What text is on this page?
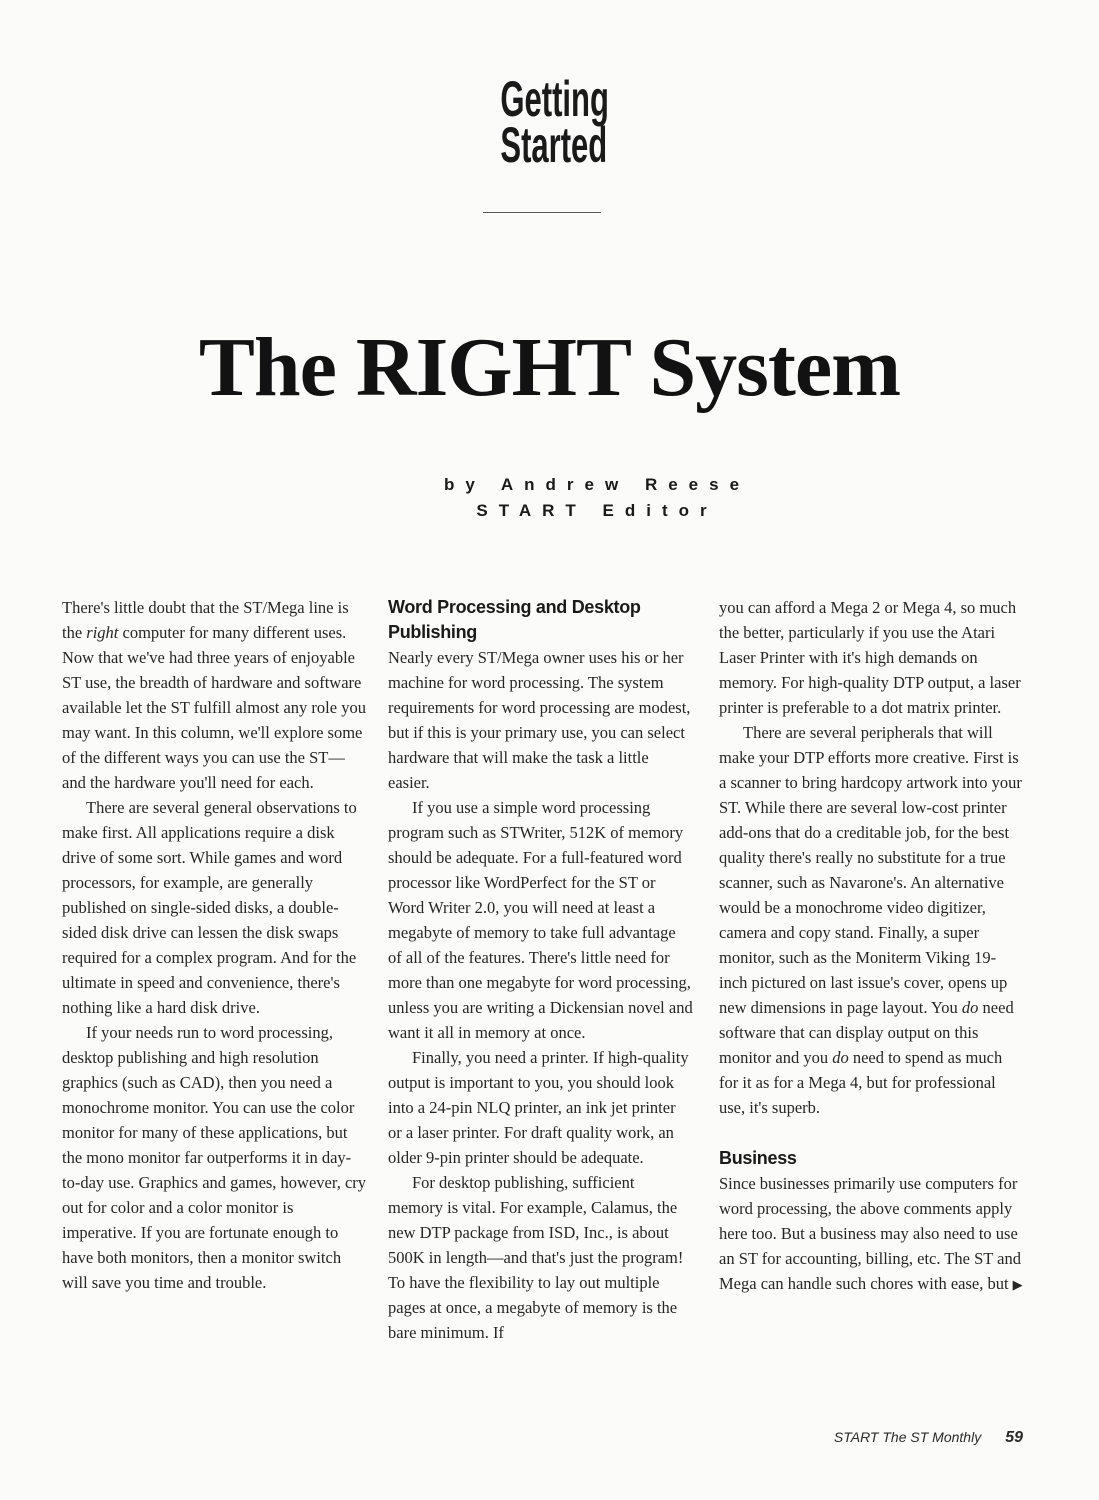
Getting
Started
The RIGHT System
by Andrew Reese
START Editor

There's little doubt that the ST/Mega line is the right computer for many different uses. Now that we've had three years of enjoyable ST use, the breadth of hardware and software available let the ST fulfill almost any role you may want. In this column, we'll explore some of the different ways you can use the ST—and the hardware you'll need for each.

There are several general observations to make first. All applications require a disk drive of some sort. While games and word processors, for example, are generally published on single-sided disks, a double-sided disk drive can lessen the disk swaps required for a complex program. And for the ultimate in speed and convenience, there's nothing like a hard disk drive.

If your needs run to word processing, desktop publishing and high resolution graphics (such as CAD), then you need a monochrome monitor. You can use the color monitor for many of these applications, but the mono monitor far outperforms it in day-to-day use. Graphics and games, however, cry out for color and a color monitor is imperative. If you are fortunate enough to have both monitors, then a monitor switch will save you time and trouble.

Word Processing and Desktop Publishing

Nearly every ST/Mega owner uses his or her machine for word processing. The system requirements for word processing are modest, but if this is your primary use, you can select hardware that will make the task a little easier.

If you use a simple word processing program such as STWriter, 512K of memory should be adequate. For a full-featured word processor like WordPerfect for the ST or Word Writer 2.0, you will need at least a megabyte of memory to take full advantage of all of the features. There's little need for more than one megabyte for word processing, unless you are writing a Dickensian novel and want it all in memory at once.

Finally, you need a printer. If high-quality output is important to you, you should look into a 24-pin NLQ printer, an ink jet printer or a laser printer. For draft quality work, an older 9-pin printer should be adequate.

For desktop publishing, sufficient memory is vital. For example, Calamus, the new DTP package from ISD, Inc., is about 500K in length—and that's just the program! To have the flexibility to lay out multiple pages at once, a megabyte of memory is the bare minimum. If

you can afford a Mega 2 or Mega 4, so much the better, particularly if you use the Atari Laser Printer with it's high demands on memory. For high-quality DTP output, a laser printer is preferable to a dot matrix printer.

There are several peripherals that will make your DTP efforts more creative. First is a scanner to bring hardcopy artwork into your ST. While there are several low-cost printer add-ons that do a creditable job, for the best quality there's really no substitute for a true scanner, such as Navarone's. An alternative would be a monochrome video digitizer, camera and copy stand. Finally, a super monitor, such as the Moniterm Viking 19-inch pictured on last issue's cover, opens up new dimensions in page layout. You do need software that can display output on this monitor and you do need to spend as much for it as for a Mega 4, but for professional use, it's superb.

Business

Since businesses primarily use computers for word processing, the above comments apply here too. But a business may also need to use an ST for accounting, billing, etc. The ST and Mega can handle such chores with ease, but ▶

START The ST Monthly 59
